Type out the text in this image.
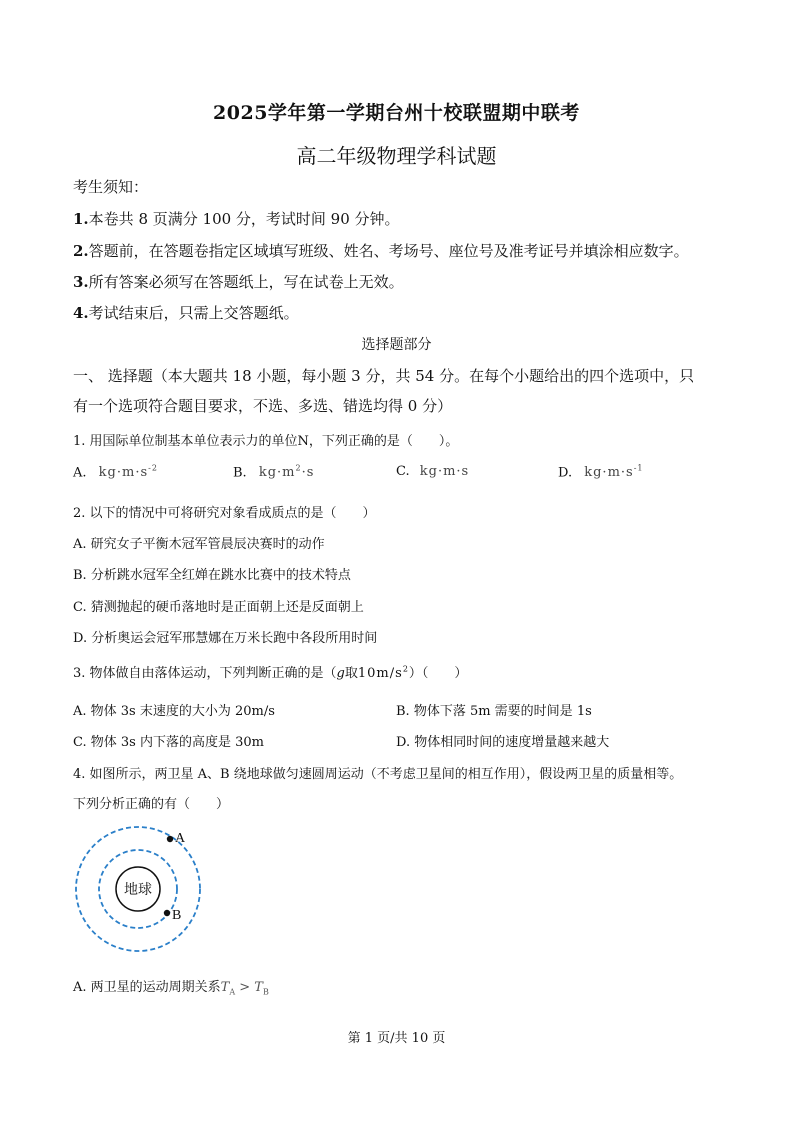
2025学年第一学期台州十校联盟期中联考
高二年级物理学科试题
考生须知：
1.本卷共 8 页满分 100 分，考试时间 90 分钟。
2.答题前，在答题卷指定区域填写班级、姓名、考场号、座位号及准考证号并填涂相应数字。
3.所有答案必须写在答题纸上，写在试卷上无效。
4.考试结束后，只需上交答题纸。
选择题部分
一、 选择题（本大题共 18 小题，每小题 3 分，共 54 分。在每个小题给出的四个选项中，只
有一个选项符合题目要求，不选、多选、错选均得 0 分）
1. 用国际单位制基本单位表示力的单位N，下列正确的是（　　）。
A. $kg\cdot m\cdot s^{-2}$	B. $kg\cdot m^2\cdot s$	C. kg·m·s	D. $kg\cdot m\cdot s^{-1}$
2. 以下的情况中可将研究对象看成质点的是（　　）
A. 研究女子平衡木冠军管晨辰决赛时的动作
B. 分析跳水冠军全红婵在跳水比赛中的技术特点
C. 猜测抛起的硬币落地时是正面朝上还是反面朝上
D. 分析奥运会冠军邢慧娜在万米长跑中各段所用时间
3. 物体做自由落体运动，下列判断正确的是（g取$10m/s^2$）（　　）
A. 物体 3s 末速度的大小为 20m/s	B. 物体下落 5m 需要的时间是 1s
C. 物体 3s 内下落的高度是 30m	D. 物体相同时间的速度增量越来越大
4. 如图所示，两卫星 A、B 绕地球做匀速圆周运动（不考虑卫星间的相互作用），假设两卫星的质量相等。
下列分析正确的有（　　）
地球
A
B
A. 两卫星的运动周期关系$T_A > T_B$
第 1 页/共 10 页
